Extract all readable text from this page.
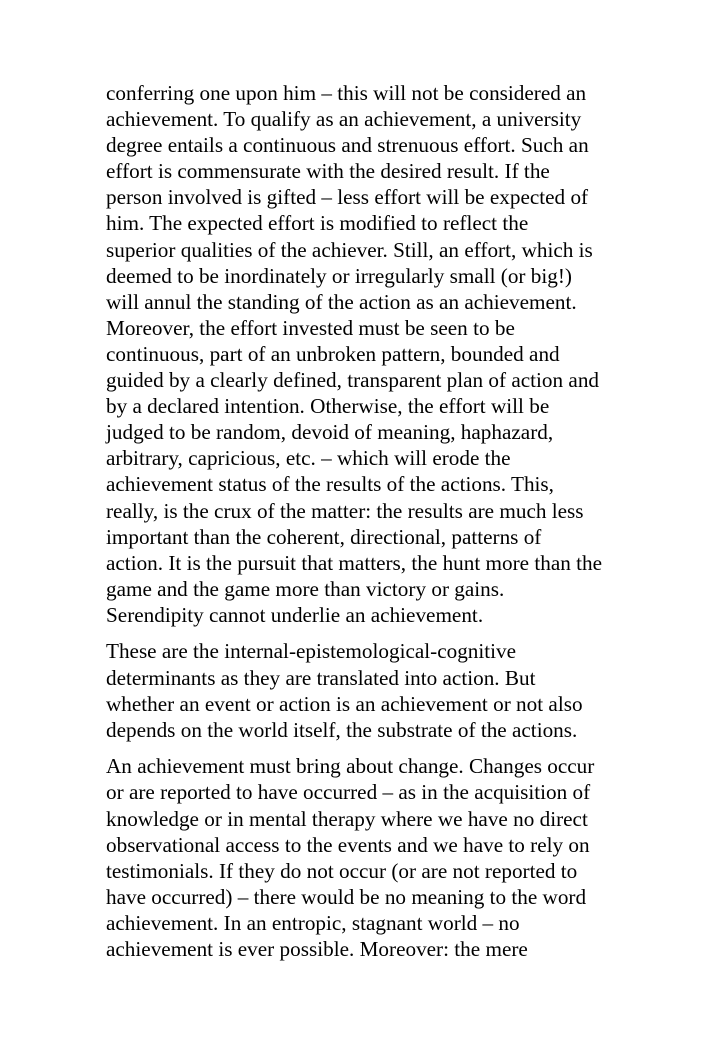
conferring one upon him – this will not be considered an
achievement. To qualify as an achievement, a university
degree entails a continuous and strenuous effort. Such an
effort is commensurate with the desired result. If the
person involved is gifted – less effort will be expected of
him. The expected effort is modified to reflect the
superior qualities of the achiever. Still, an effort, which is
deemed to be inordinately or irregularly small (or big!)
will annul the standing of the action as an achievement.
Moreover, the effort invested must be seen to be
continuous, part of an unbroken pattern, bounded and
guided by a clearly defined, transparent plan of action and
by a declared intention. Otherwise, the effort will be
judged to be random, devoid of meaning, haphazard,
arbitrary, capricious, etc. – which will erode the
achievement status of the results of the actions. This,
really, is the crux of the matter: the results are much less
important than the coherent, directional, patterns of
action. It is the pursuit that matters, the hunt more than the
game and the game more than victory or gains.
Serendipity cannot underlie an achievement.

These are the internal-epistemological-cognitive
determinants as they are translated into action. But
whether an event or action is an achievement or not also
depends on the world itself, the substrate of the actions.

An achievement must bring about change. Changes occur
or are reported to have occurred – as in the acquisition of
knowledge or in mental therapy where we have no direct
observational access to the events and we have to rely on
testimonials. If they do not occur (or are not reported to
have occurred) – there would be no meaning to the word
achievement. In an entropic, stagnant world – no
achievement is ever possible. Moreover: the mere
